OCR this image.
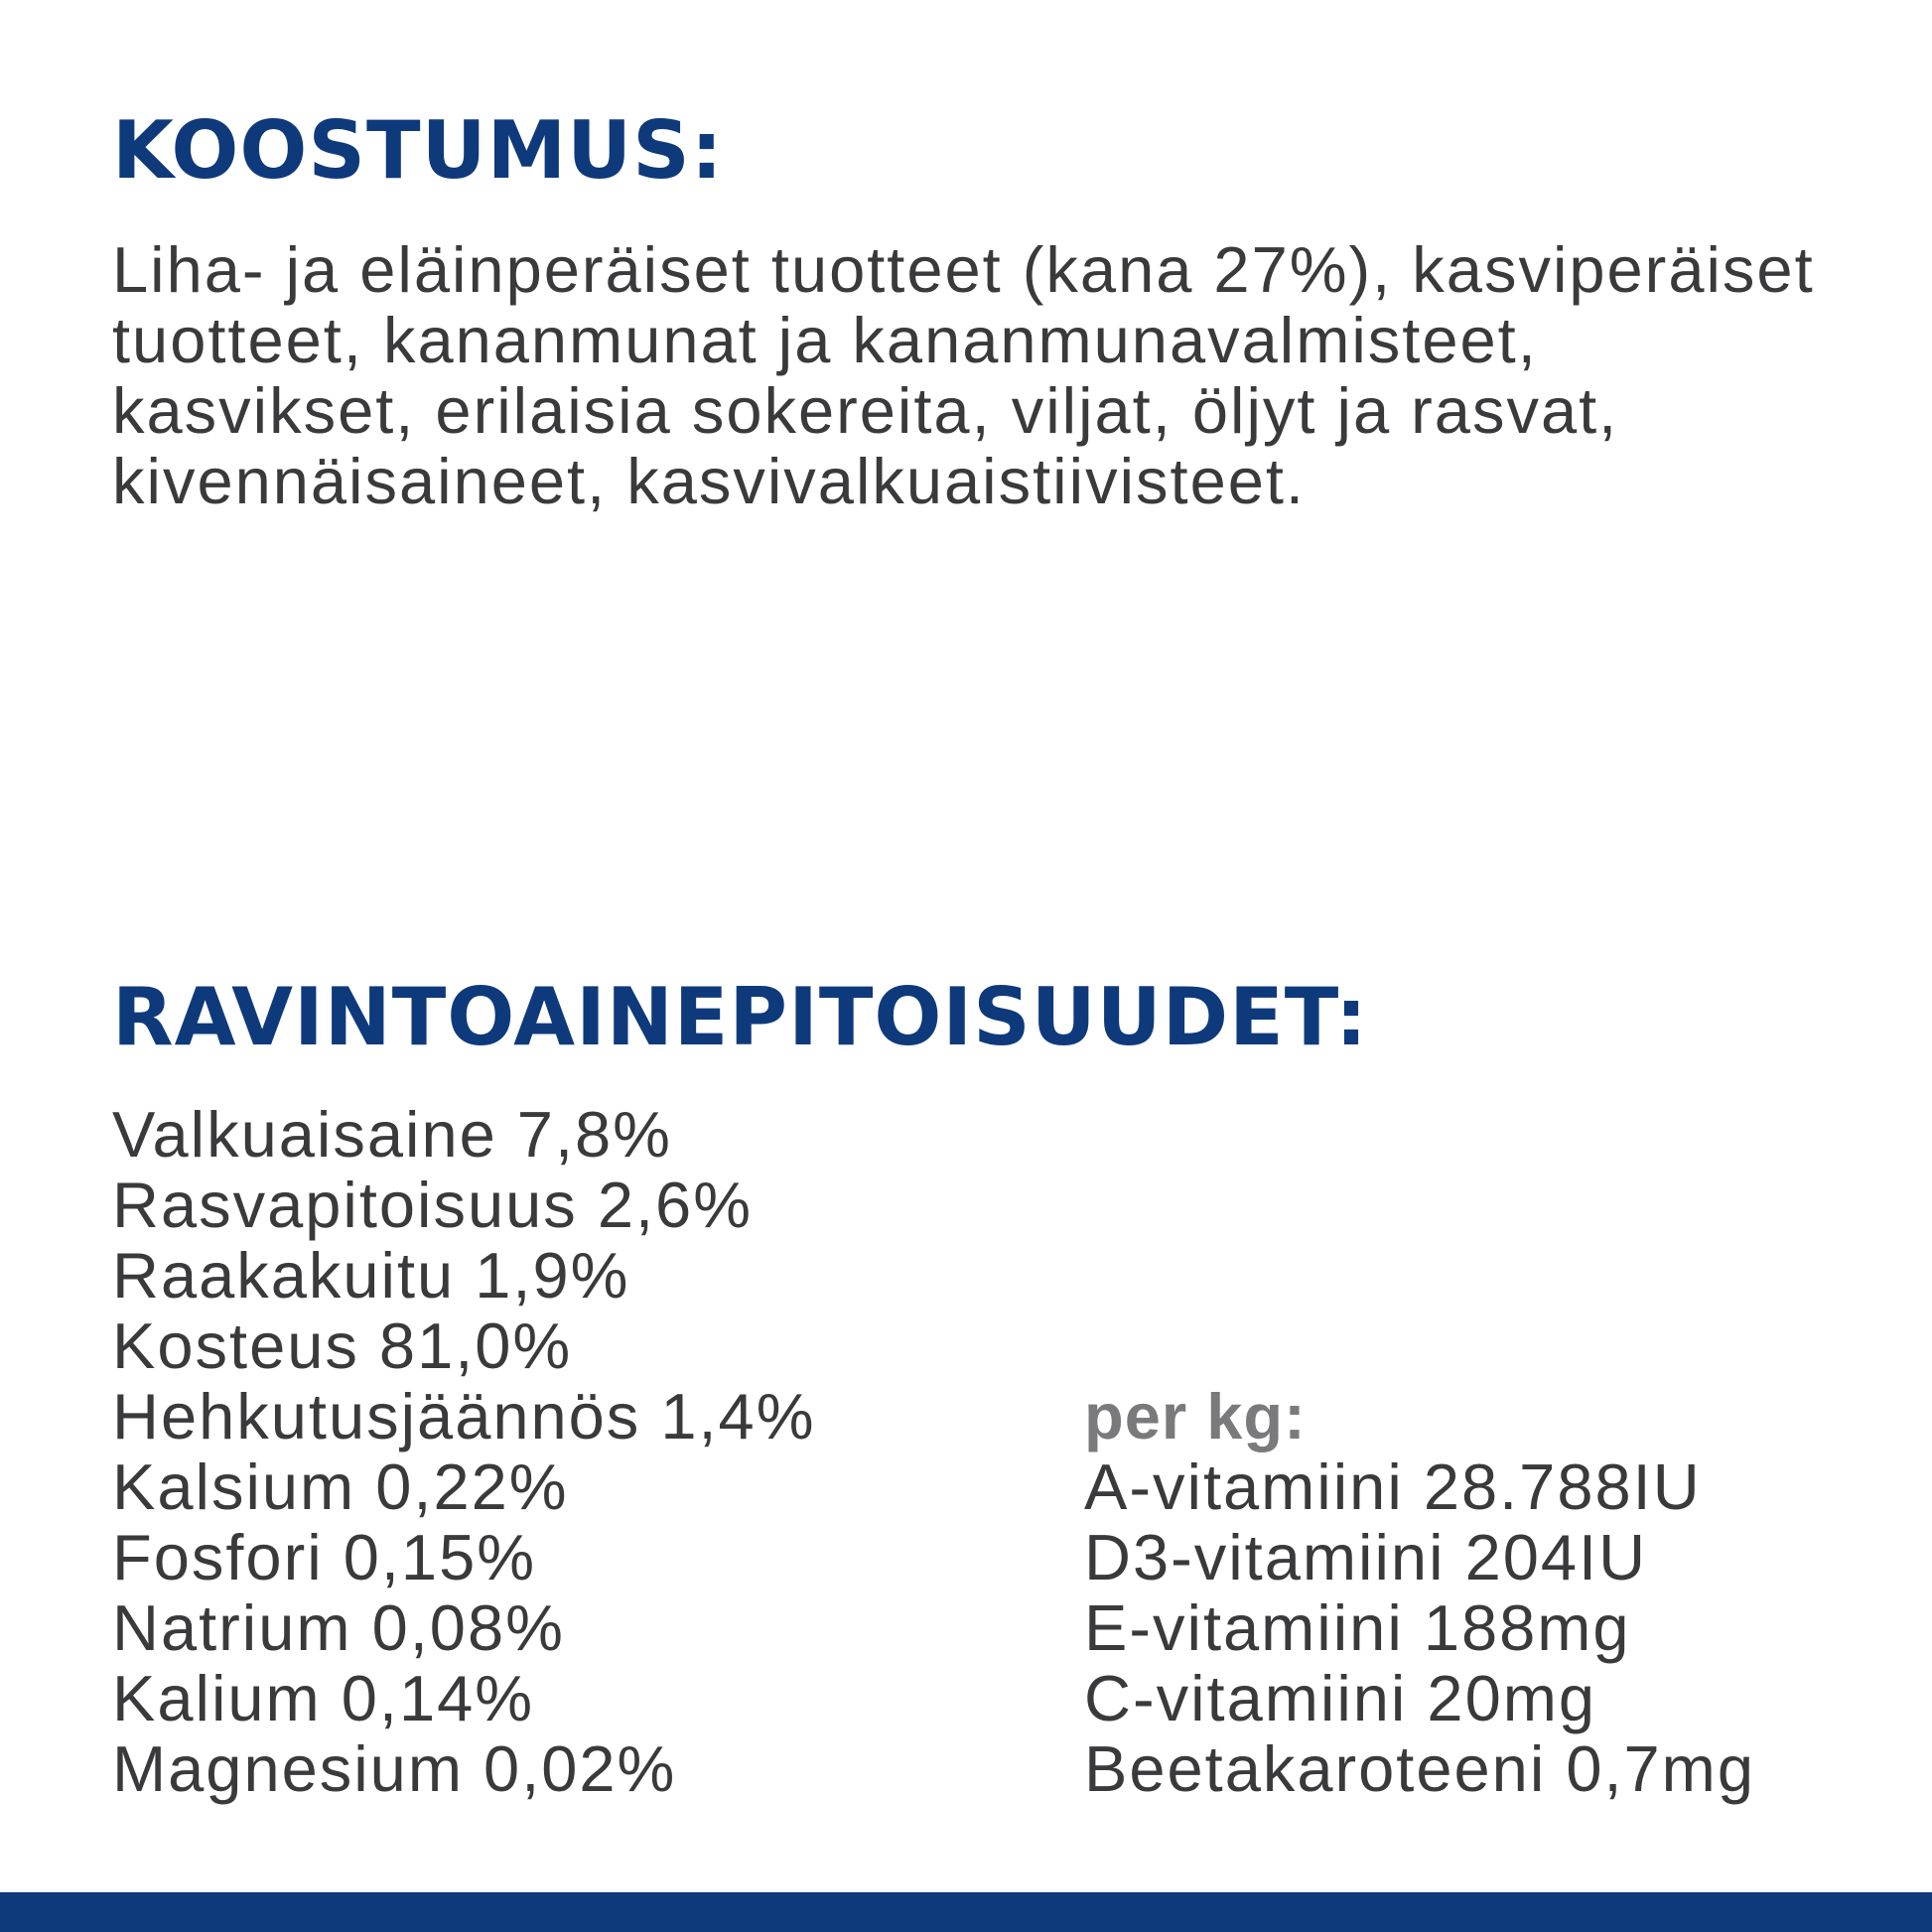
KOOSTUMUS:

Liha- ja eläinperäiset tuotteet (kana 27%), kasviperäiset tuotteet, kananmunat ja kananmunavalmisteet, kasvikset, erilaisia sokereita, viljat, öljyt ja rasvat, kivennäisaineet, kasvivalkuaistiivisteet.

RAVINTOAINEPITOISUUDET:
Valkuaisaine 7,8%
Rasvapitoisuus 2,6%
Raakakuitu 1,9%
Kosteus 81,0%
Hehkutusjäännös 1,4%
Kalsium 0,22%
Fosfori 0,15%
Natrium 0,08%
Kalium 0,14%
Magnesium 0,02%

per kg:

A-vitamiini 28.788IU
D3-vitamiini 204IU
E-vitamiini 188mg
C-vitamiini 20mg
Beetakaroteeni 0,7mg
